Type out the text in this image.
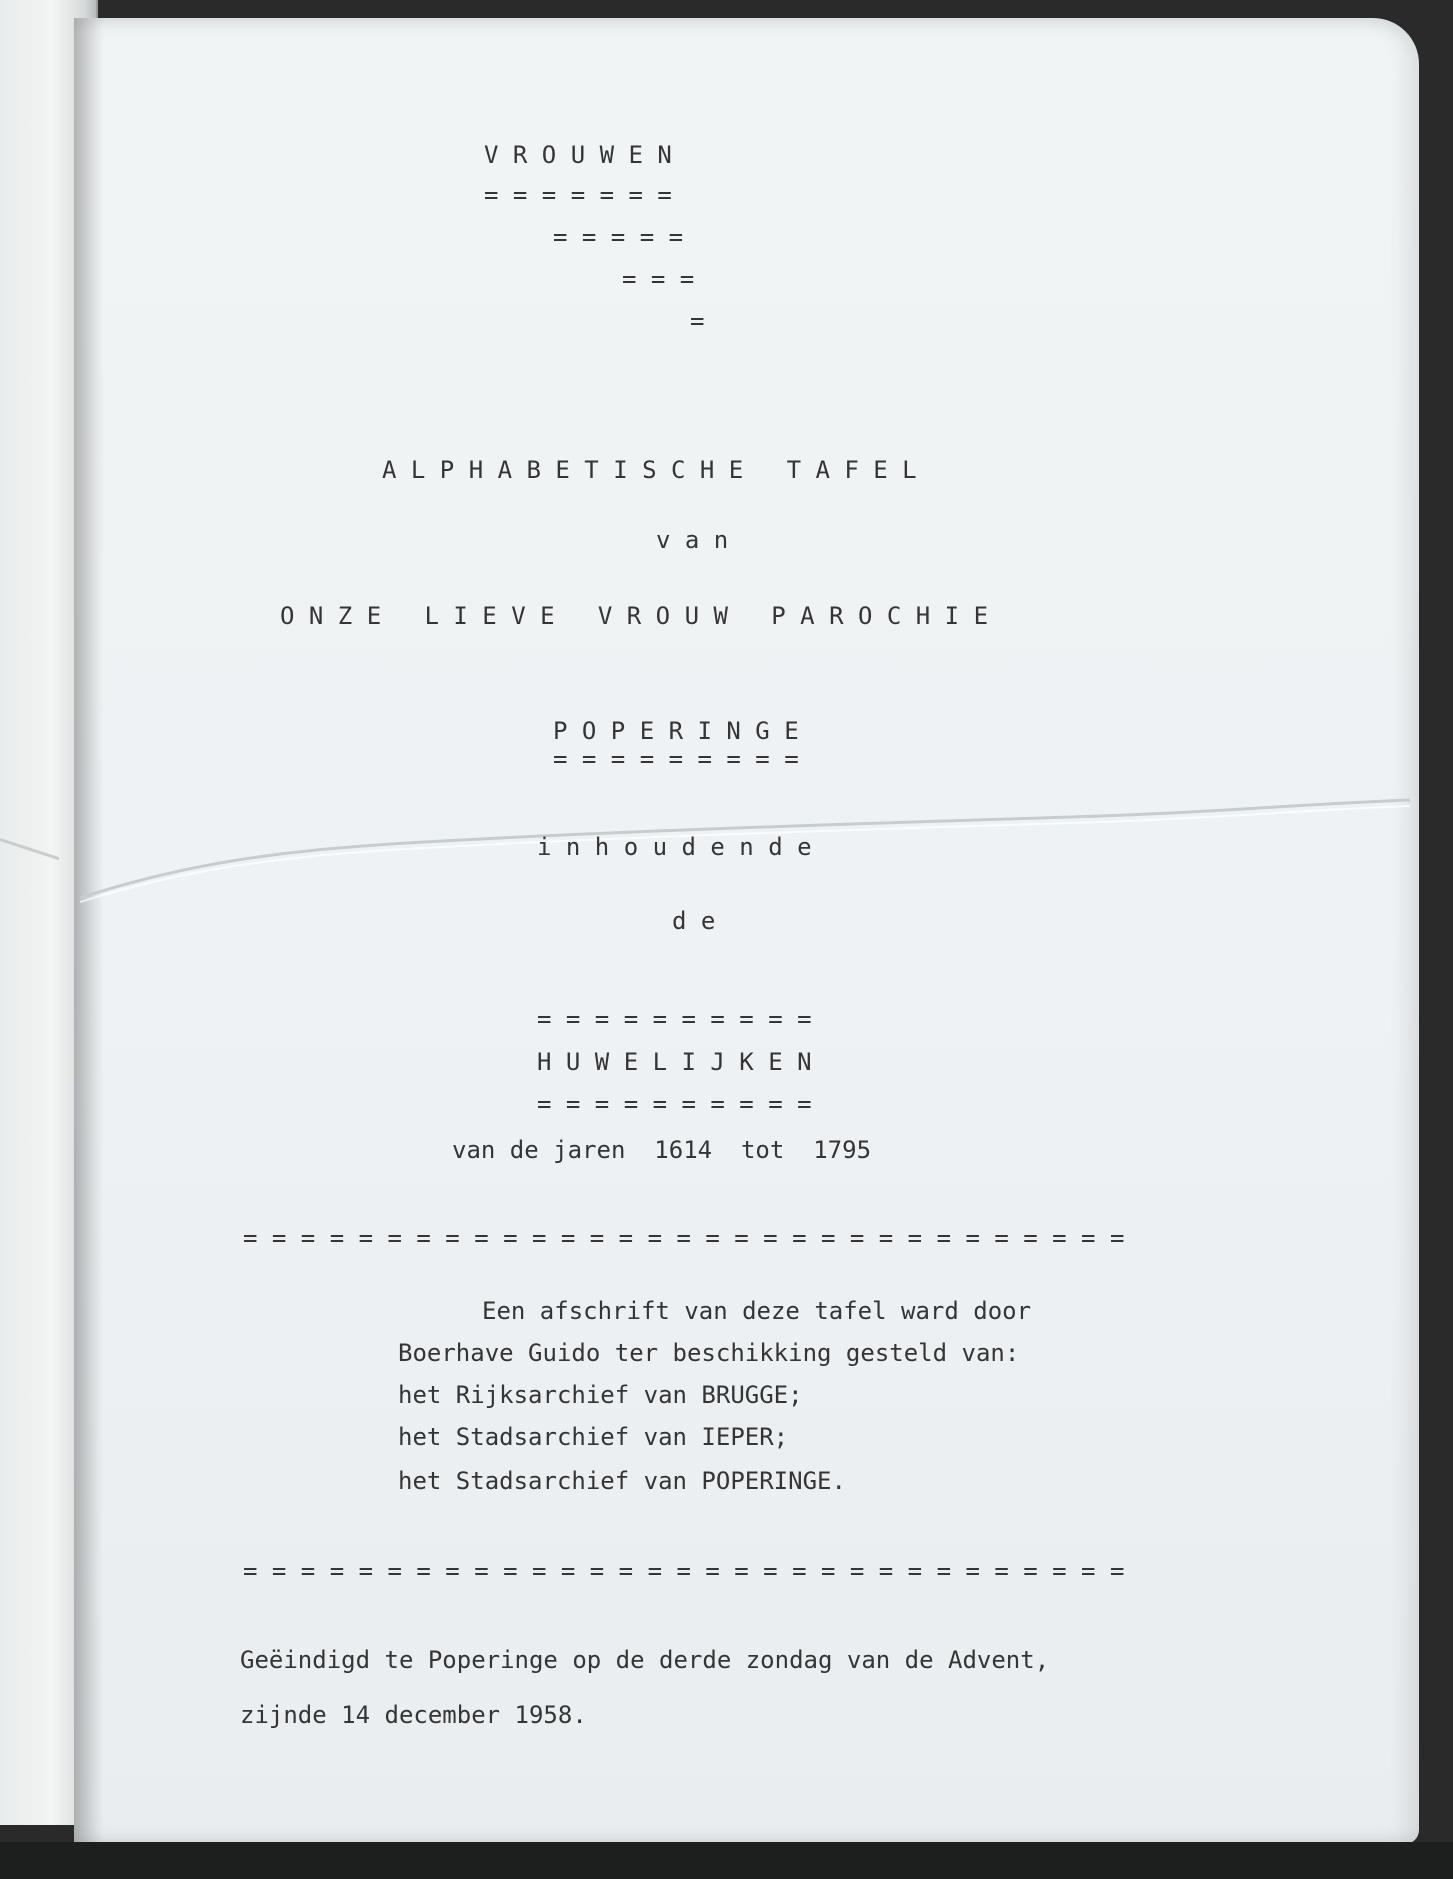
V R O U W E N
= = = = = = =
= = = = =
= = =
=
A L P H A B E T I S C H E   T A F E L
v a n
O N Z E   L I E V E   V R O U W   P A R O C H I E
P O P E R I N G E
= = = = = = = = =
i n h o u d e n d e
d e
= = = = = = = = = =
H U W E L I J K E N
= = = = = = = = = =
van de jaren  1614  tot  1795
= = = = = = = = = = = = = = = = = = = = = = = = = = = = = = =
Een afschrift van deze tafel ward door
Boerhave Guido ter beschikking gesteld van:
het Rijksarchief van BRUGGE;
het Stadsarchief van IEPER;
het Stadsarchief van POPERINGE.
= = = = = = = = = = = = = = = = = = = = = = = = = = = = = = =
Geëindigd te Poperinge op de derde zondag van de Advent,
zijnde 14 december 1958.
